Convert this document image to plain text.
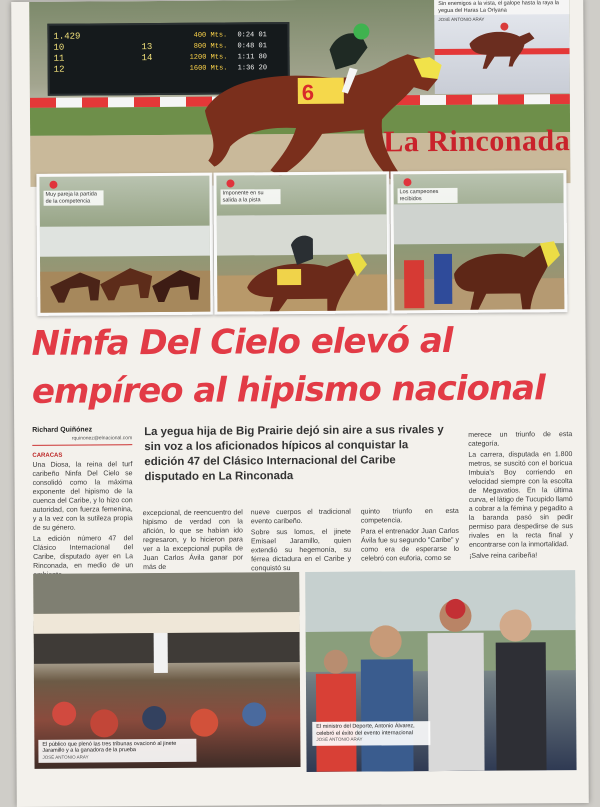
1.429
10
11
12

13
14
400 Mts.
800 Mts.
1200 Mts.
1600 Mts.
0:24 01
0:48 01
1:11 80
1:36 20
Sin enemigos a la vista, el galope hasta la raya la yegua del Haras La Orlyana
JOSÉ ANTONIO ARAY
La Rinconada
6
Muy pareja la partida de la competencia
Imponente en su salida a la pista
Los campeones recibidos
Ninfa Del Cielo elevó al
empíreo al hipismo nacional
Richard Quiñónez
rquinonez@elnacional.com
La yegua hija de Big Prairie dejó sin aire a sus rivales y sin voz a los aficionados hípicos al conquistar la edición 47 del Clásico Internacional del Caribe disputado en La Rinconada
CARACAS
Una Diosa, la reina del turf caribeño Ninfa Del Cielo se consolidó como la máxima exponente del hipismo de la cuenca del Caribe, y lo hizo con autoridad, con fuerza femenina, y a la vez con la sutileza propia de su género.
La edición número 47 del Clásico Internacional del Caribe, disputado ayer en La Rinconada, en medio de un
excepcional, de reencuentro del hipismo de verdad con la afición, lo que se habían ido regresaron, y lo hicieron para ver a la excepcional pupila de Juan Carlos Ávila ganar por más de
nueve cuerpos el tradicional evento caribeño.
Sobre sus lomos, el jinete Emisael Jaramillo, quien extendió su hegemonía, su férrea dictadura en el Caribe y conquistó su
quinto triunfo en esta competencia.
Para el entrenador Juan Carlos Ávila fue su segundo "Caribe" y como era de esperarse lo celebró con euforia, como se
merece un triunfo de esta categoría.
La carrera, disputada en 1.800 metros, se suscitó con el boricua Imbuia's Boy corriendo en velocidad siempre con la escolta de Megavatios. En la última curva, el látigo de Tucupido llamó a cobrar a la fémina y pegadito a la baranda pasó sin pedir permiso para despedirse de sus rivales en la recta final y encontrarse con la inmortalidad.
¡Salve reina caribeña!
El público que plenó las tres tribunas ovacionó al jinete Jaramillo y a la ganadora de la prueba
JOSÉ ANTONIO ARAY
El ministro del Deporte, Antonio Álvarez, celebró el éxito del evento internacional
JOSÉ ANTONIO ARAY
